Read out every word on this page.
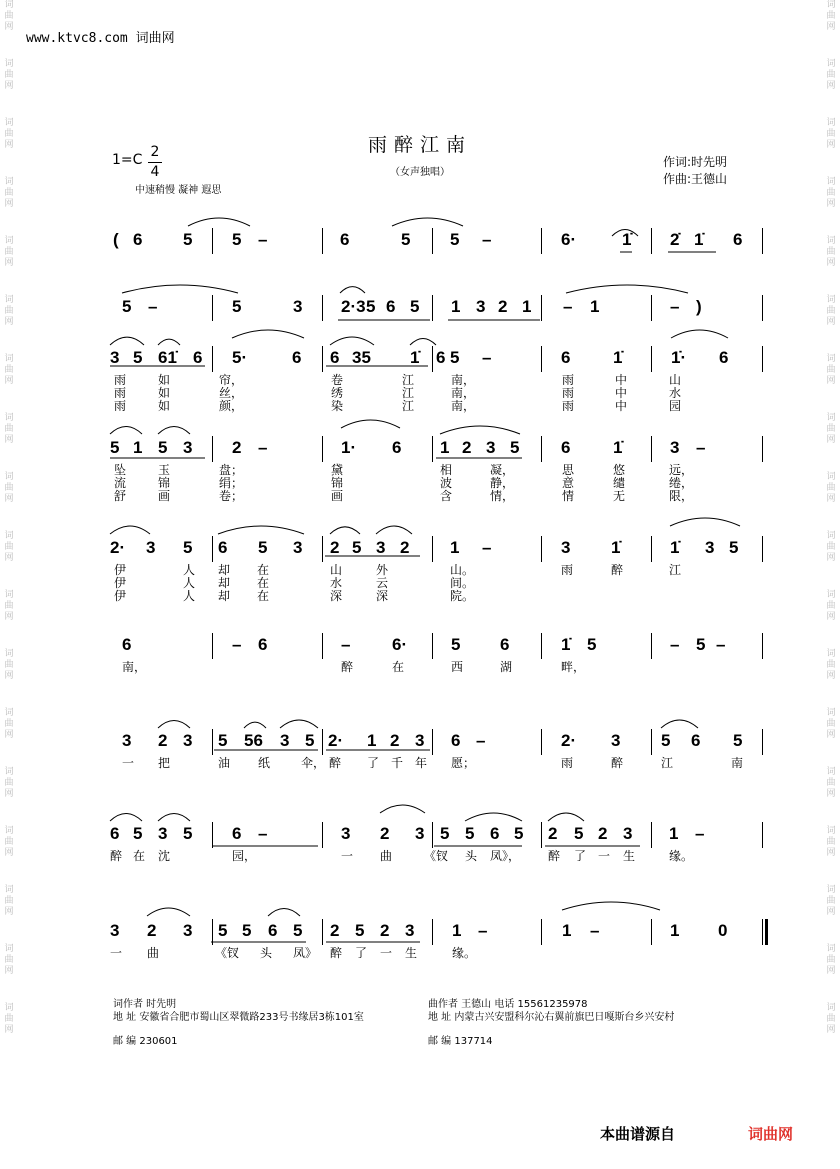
词
曲
网
词
曲
网
词
曲
网
词
曲
网
词
曲
网
词
曲
网
词
曲
网
词
曲
网
词
曲
网
词
曲
网
词
曲
网
词
曲
网
词
曲
网
词
曲
网
词
曲
网
词
曲
网
词
曲
网
词
曲
网
词
曲
网
词
曲
网
词
曲
网
词
曲
网
词
曲
网
词
曲
网
词
曲
网
词
曲
网
词
曲
网
词
曲
网
词
曲
网
词
曲
网
词
曲
网
词
曲
网
词
曲
网
词
曲
网
词
曲
网
词
曲
网
www.ktvc8.com 词曲网
雨醉江南
（女声独唱）
1=C 2
4
中速稍慢 凝神 遐思
作词:时先明
作曲:王德山
( 6 5 5 –	6	5 5 –	6·	1̇ 2̇ 1̇ 6
5 –	5	3 2·3 5 6 5 1 3 2 1 – 1	– )
3 5 61̇ 6 5·	6 6 35 1̇ 6 5 –	6	1̇	1̇· 6
雨	如	帘，	卷	江	南，	雨	中	山
雨	如	丝，	绣	江	南，	雨	中	水
雨	如	颜，	染	江	南，	雨	中	园
5 1 5 3 2 –	1· 6 1 2 3 5 6	1̇	3 –
坠	玉	盘；	黛	相	凝，	思	悠	远，
流	锦	绢；	锦	波	静，	意	缱	绻，
舒	画	卷；	画	含	情，	情	无	限，
2· 3 5 6 5 3 2 5 3 2 1 –	3 1̇	1̇ 3 5
伊	人 却 在	山	外	山。	雨	醉	江
伊	人 却 在	水	云	间。
伊	人 却 在	深	深	院。
6	– 6	– 6·	5 6	1̇ 5	– 5 –
南，	醉	在	西	湖	畔，
3 2 3 5 56 3 5 2· 1 2 3 6 –	2· 3 5 6 5
一 把	油 纸	伞， 醉 了 千 年 愿；	雨	醉	江	南
6 5 3 5 6 –	3 2 3 5 5 6 5 2 5 2 3 1 –
醉 在 沈	园，	一 曲	《钗 头 凤》， 醉 了 一 生	缘。
3 2 3 5 5 6 5 2 5 2 3 1 –	1 –	1 0
一 曲	《钗 头 凤》 醉 了 一 生	缘。
词作者 时先明
地 址 安徽省合肥市蜀山区翠微路233号书缘居3栋101室
邮 编 230601
曲作者 王德山 电话 15561235978
地 址 内蒙古兴安盟科尔沁右翼前旗巴日嘎斯台乡兴安村
邮 编 137714
本曲谱源自	词曲网
